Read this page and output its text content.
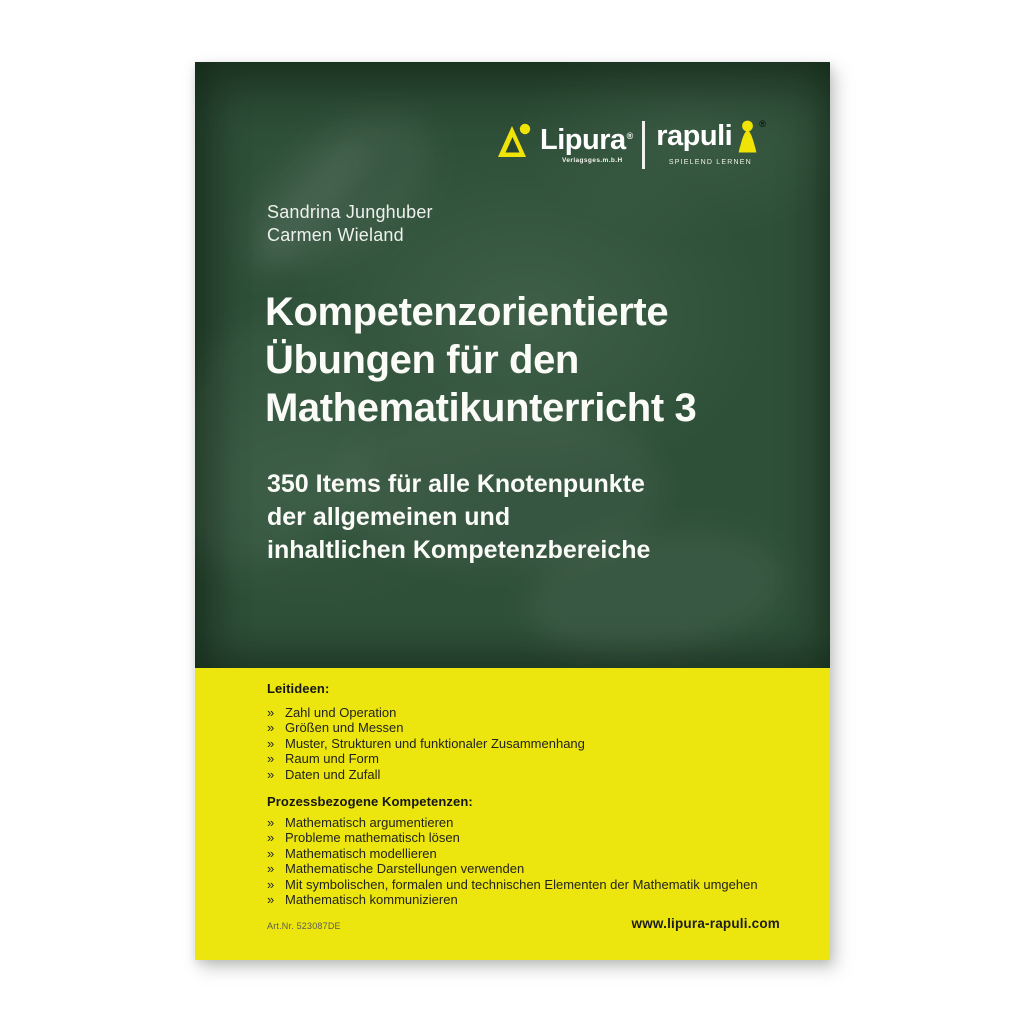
Lipura®
Verlagsges.m.b.H
rapuli	®
SPIELEND LERNEN
Sandrina Junghuber
Carmen Wieland
Kompetenzorientierte
Übungen für den
Mathematikunterricht 3
350 Items für alle Knotenpunkte
der allgemeinen und
inhaltlichen Kompetenzbereiche
Leitideen:
» Zahl und Operation
» Größen und Messen
» Muster, Strukturen und funktionaler Zusammenhang
» Raum und Form
» Daten und Zufall
Prozessbezogene Kompetenzen:
» Mathematisch argumentieren
» Probleme mathematisch lösen
» Mathematisch modellieren
» Mathematische Darstellungen verwenden
» Mit symbolischen, formalen und technischen Elementen der Mathematik umgehen
» Mathematisch kommunizieren
Art.Nr. 523087DE	www.lipura-rapuli.com
